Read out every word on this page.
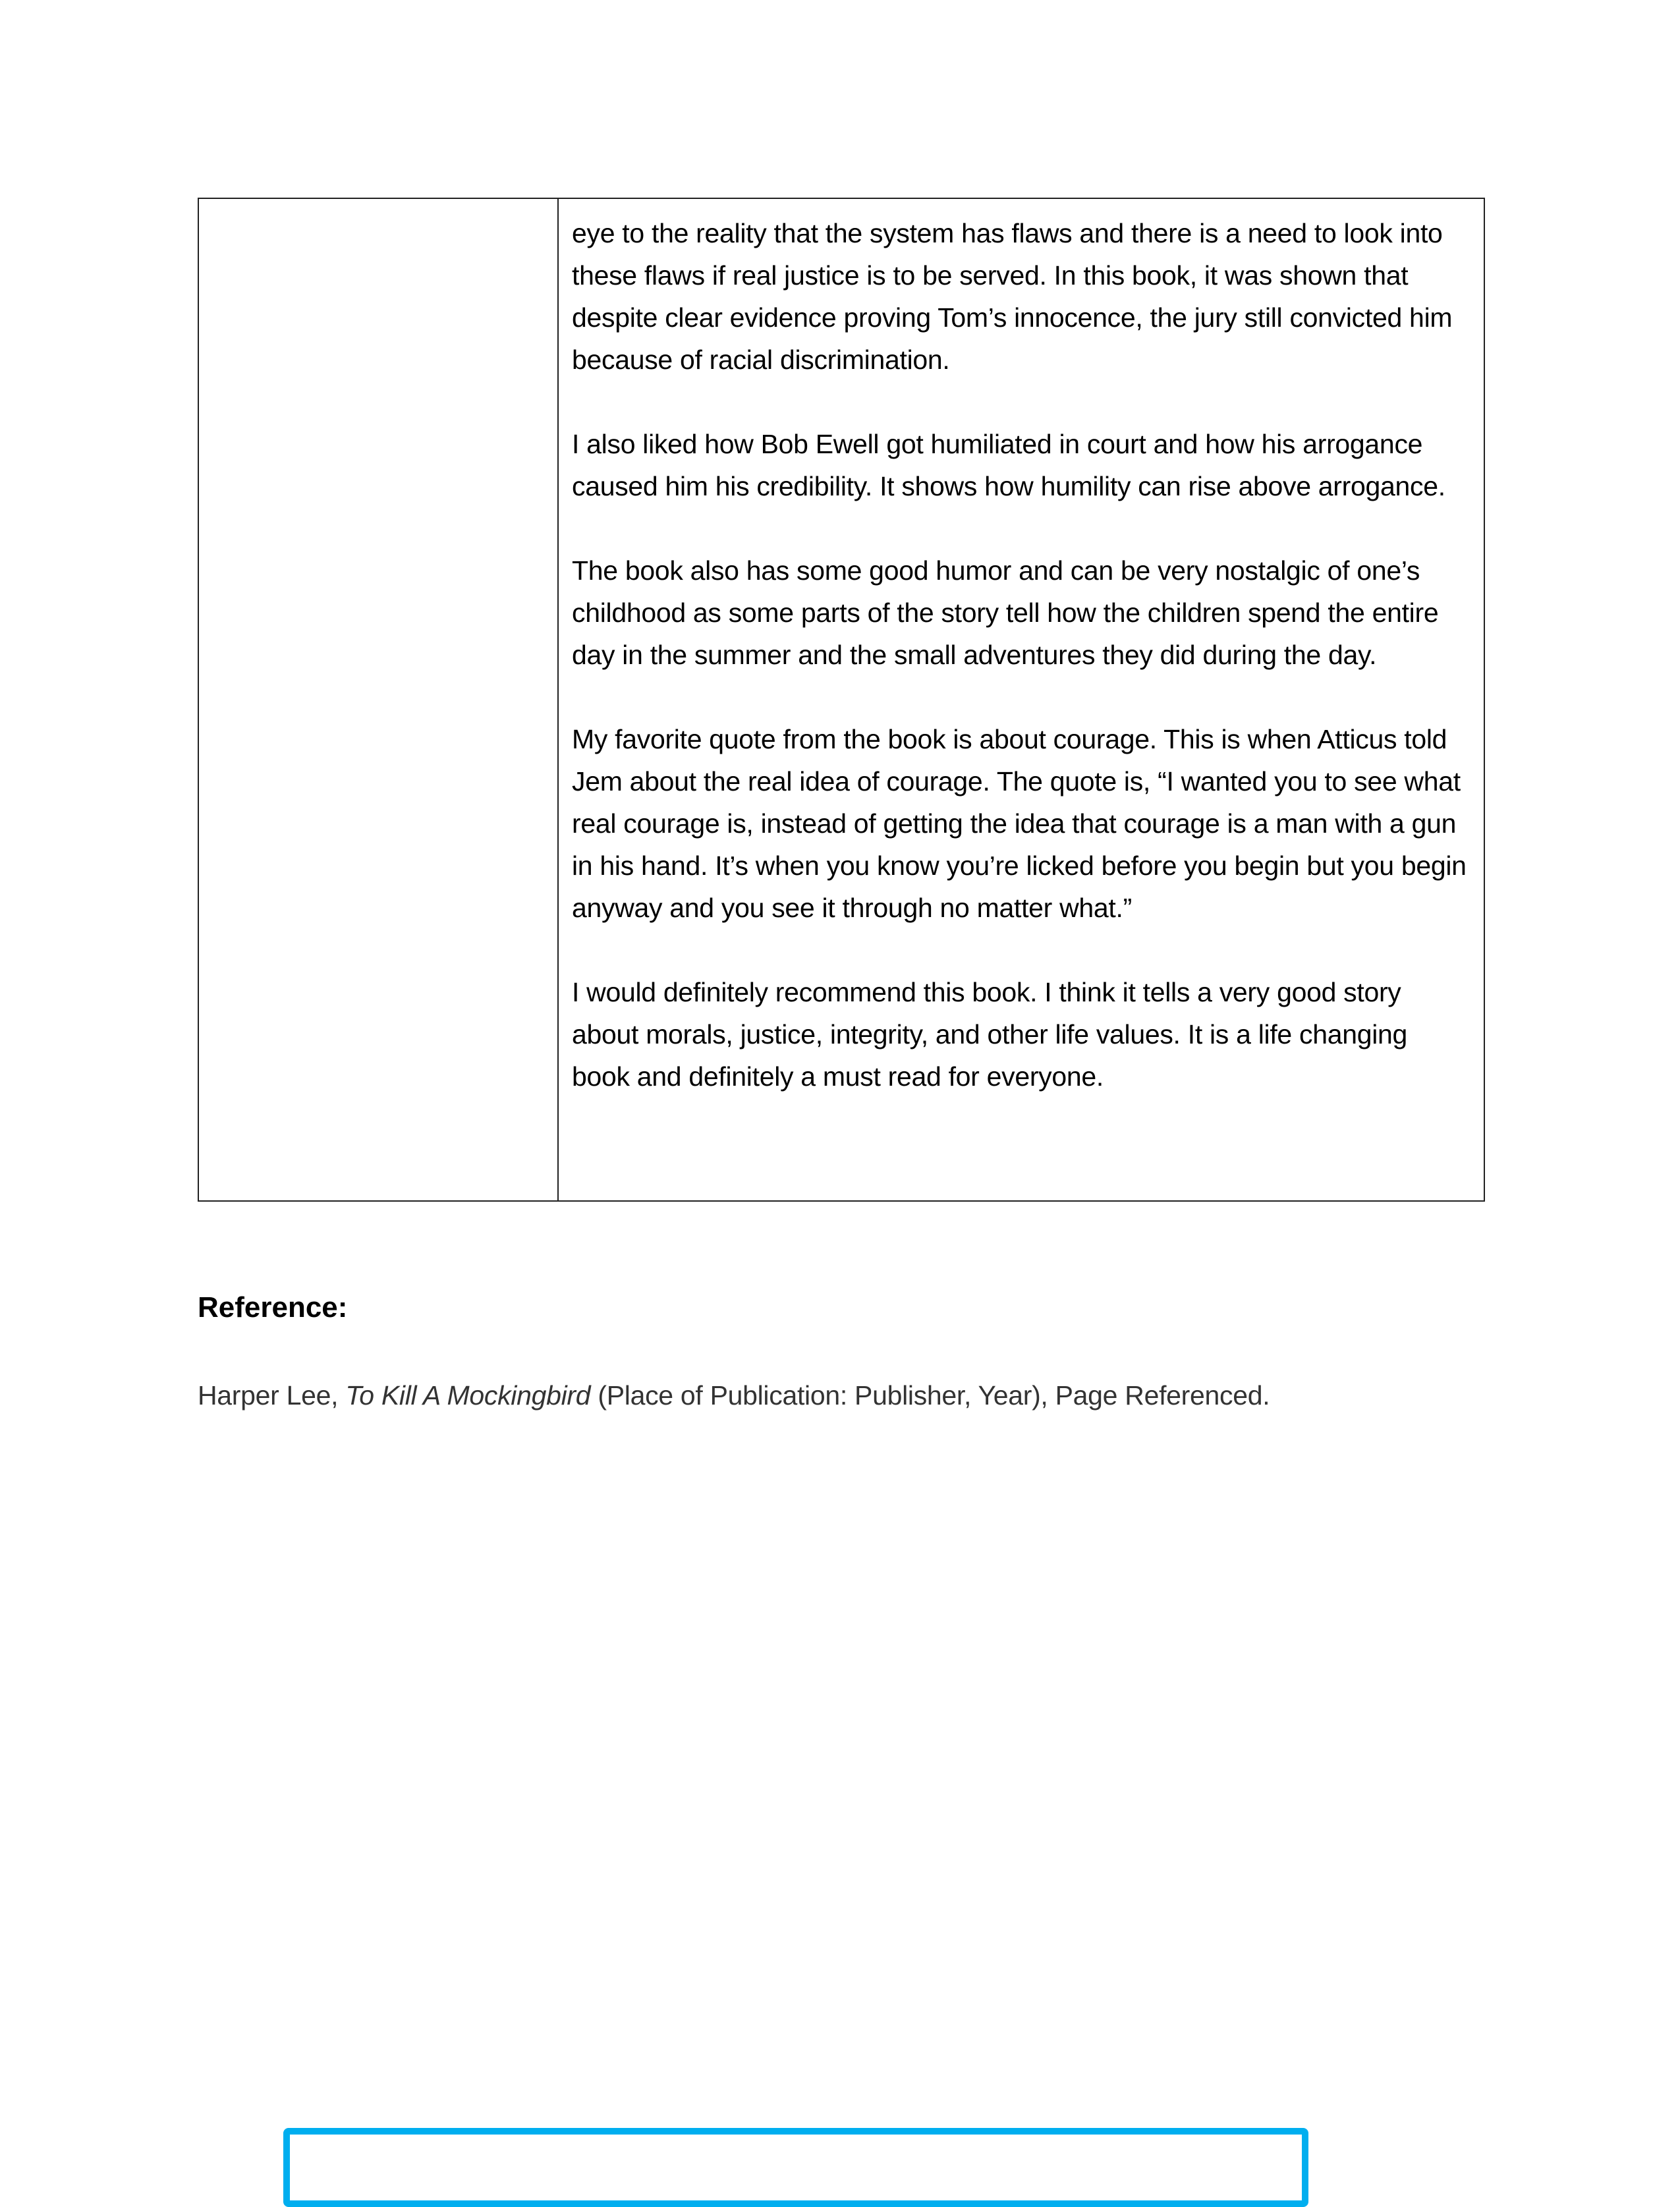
eye to the reality that the system has flaws and there is a need to look into these flaws if real justice is to be served. In this book, it was shown that despite clear evidence proving Tom’s innocence, the jury still convicted him because of racial discrimination.

I also liked how Bob Ewell got humiliated in court and how his arrogance caused him his credibility. It shows how humility can rise above arrogance.

The book also has some good humor and can be very nostalgic of one’s childhood as some parts of the story tell how the children spend the entire day in the summer and the small adventures they did during the day.

My favorite quote from the book is about courage. This is when Atticus told Jem about the real idea of courage. The quote is, “I wanted you to see what real courage is, instead of getting the idea that courage is a man with a gun in his hand. It’s when you know you’re licked before you begin but you begin anyway and you see it through no matter what.”

I would definitely recommend this book. I think it tells a very good story about morals, justice, integrity, and other life values. It is a life changing book and definitely a must read for everyone.

Reference:

Harper Lee, To Kill A Mockingbird (Place of Publication: Publisher, Year), Page Referenced.
